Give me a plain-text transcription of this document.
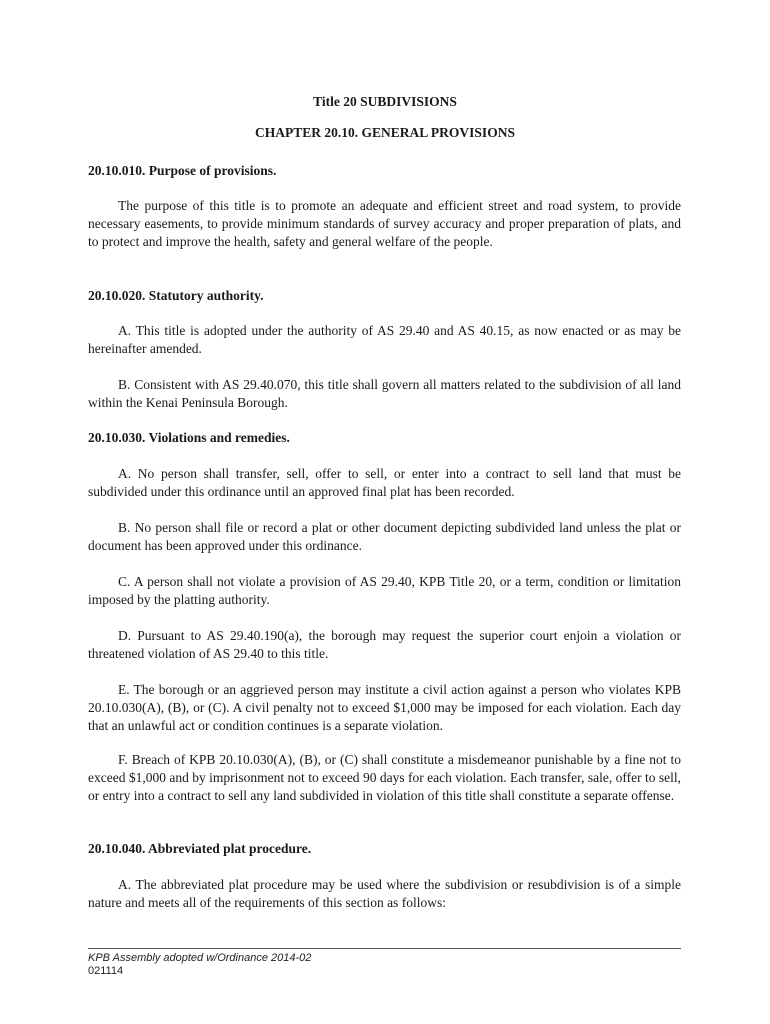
Title 20 SUBDIVISIONS
CHAPTER 20.10. GENERAL PROVISIONS
20.10.010. Purpose of provisions.

The purpose of this title is to promote an adequate and efficient street and road system, to provide necessary easements, to provide minimum standards of survey accuracy and proper preparation of plats, and to protect and improve the health, safety and general welfare of the people.

20.10.020. Statutory authority.

A. This title is adopted under the authority of AS 29.40 and AS 40.15, as now enacted or as may be hereinafter amended.

B. Consistent with AS 29.40.070, this title shall govern all matters related to the subdivision of all land within the Kenai Peninsula Borough.

20.10.030. Violations and remedies.

A. No person shall transfer, sell, offer to sell, or enter into a contract to sell land that must be subdivided under this ordinance until an approved final plat has been recorded.

B. No person shall file or record a plat or other document depicting subdivided land unless the plat or document has been approved under this ordinance.

C. A person shall not violate a provision of AS 29.40, KPB Title 20, or a term, condition or limitation imposed by the platting authority.

D. Pursuant to AS 29.40.190(a), the borough may request the superior court enjoin a violation or threatened violation of AS 29.40 to this title.

E. The borough or an aggrieved person may institute a civil action against a person who violates KPB 20.10.030(A), (B), or (C). A civil penalty not to exceed $1,000 may be imposed for each violation. Each day that an unlawful act or condition continues is a separate violation.

F. Breach of KPB 20.10.030(A), (B), or (C) shall constitute a misdemeanor punishable by a fine not to exceed $1,000 and by imprisonment not to exceed 90 days for each violation. Each transfer, sale, offer to sell, or entry into a contract to sell any land subdivided in violation of this title shall constitute a separate offense.

20.10.040. Abbreviated plat procedure.

A. The abbreviated plat procedure may be used where the subdivision or resubdivision is of a simple nature and meets all of the requirements of this section as follows:

KPB Assembly adopted w/Ordinance 2014-02
021114
